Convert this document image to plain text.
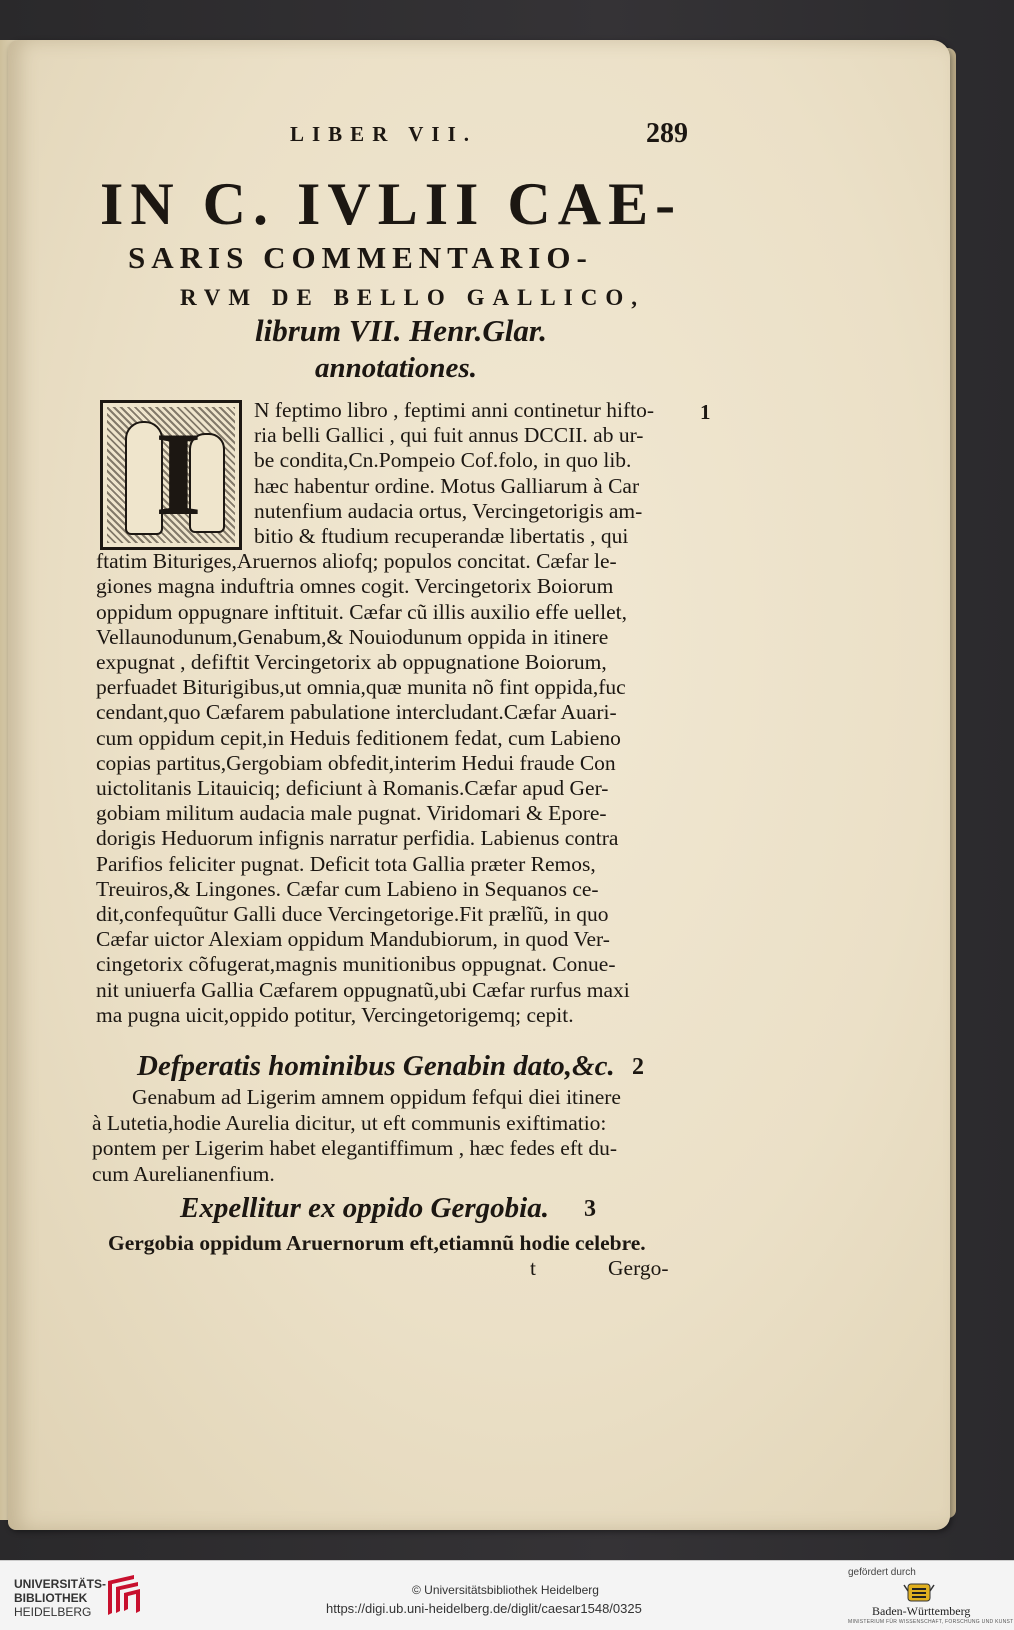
LIBER VII.	289
IN C. IVLII CAE-
SARIS COMMENTARIO-
RVM DE BELLO GALLICO,
librum VII. Henr.Glar.
annotationes.
I	1
N feptimo libro , feptimi anni continetur hifto-
ria belli Gallici , qui fuit annus DCCII. ab ur-
be condita,Cn.Pompeio Cof.folo, in quo lib.
hæc habentur ordine. Motus Galliarum à Car
nutenfium audacia ortus, Vercingetorigis am-
bitio & ftudium recuperandæ libertatis , qui
ftatim Bituriges,Aruernos aliofq; populos concitat. Cæfar le-
giones magna induftria omnes cogit. Vercingetorix Boiorum
oppidum oppugnare inftituit. Cæfar cũ illis auxilio effe uellet,
Vellaunodunum,Genabum,& Nouiodunum oppida in itinere
expugnat , defiftit Vercingetorix ab oppugnatione Boiorum,
perfuadet Biturigibus,ut omnia,quæ munita nõ fint oppida,fuc
cendant,quo Cæfarem pabulatione intercludant.Cæfar Auari-
cum oppidum cepit,in Heduis feditionem fedat, cum Labieno
copias partitus,Gergobiam obfedit,interim Hedui fraude Con
uictolitanis Litauiciq; deficiunt à Romanis.Cæfar apud Ger-
gobiam militum audacia male pugnat. Viridomari & Epore-
dorigis Heduorum infignis narratur perfidia. Labienus contra
Parifios feliciter pugnat. Deficit tota Gallia præter Remos,
Treuiros,& Lingones. Cæfar cum Labieno in Sequanos ce-
dit,confequũtur Galli duce Vercingetorige.Fit prælĩũ, in quo
Cæfar uictor Alexiam oppidum Mandubiorum, in quod Ver-
cingetorix cõfugerat,magnis munitionibus oppugnat. Conue-
nit uniuerfa Gallia Cæfarem oppugnatũ,ubi Cæfar rurfus maxi
ma pugna uicit,oppido potitur, Vercingetorigemq; cepit.
Defperatis hominibus Genabin dato,&c. 2
Genabum ad Ligerim amnem oppidum fefqui diei itinere
à Lutetia,hodie Aurelia dicitur, ut eft communis exiftimatio:
pontem per Ligerim habet elegantiffimum , hæc fedes eft du-
cum Aurelianenfium.
Expellitur ex oppido Gergobia. 3
Gergobia oppidum Aruernorum eft,etiamnũ hodie celebre.
t	Gergo-
UNIVERSITÄTS-
BIBLIOTHEK
HEIDELBERG
© Universitätsbibliothek Heidelberg
https://digi.ub.uni-heidelberg.de/diglit/caesar1548/0325
gefördert durch
Baden-Württemberg
MINISTERIUM FÜR WISSENSCHAFT, FORSCHUNG UND KUNST
